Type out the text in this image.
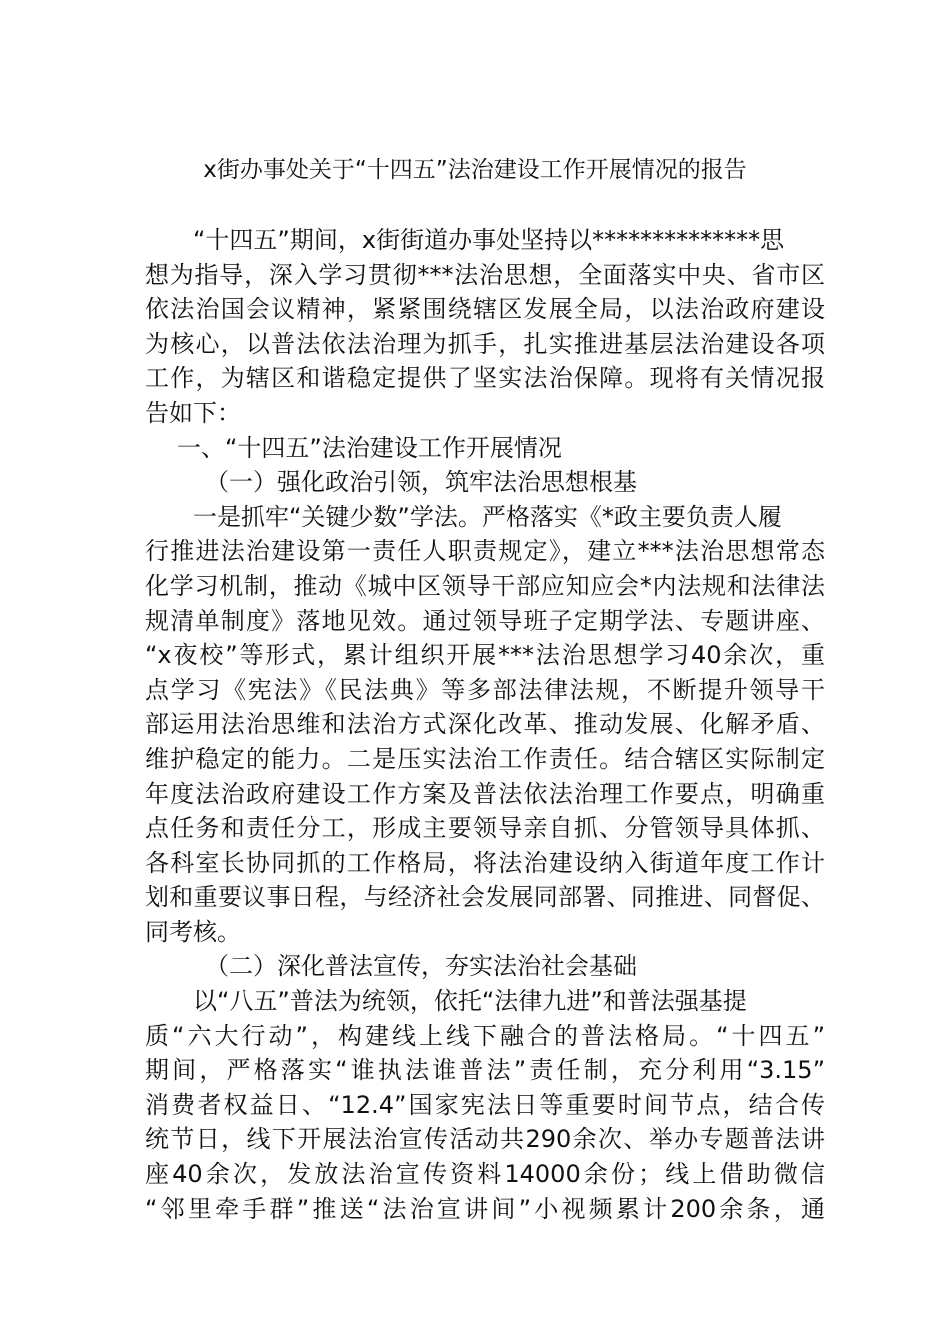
x街办事处关于“十四五”法治建设工作开展情况的报告
“十四五”期间，x街街道办事处坚持以**************思
想为指导，深入学习贯彻***法治思想，全面落实中央、省市区
依法治国会议精神，紧紧围绕辖区发展全局，以法治政府建设
为核心，以普法依法治理为抓手，扎实推进基层法治建设各项
工作，为辖区和谐稳定提供了坚实法治保障。现将有关情况报
告如下：
一、“十四五”法治建设工作开展情况
（一）强化政治引领，筑牢法治思想根基
一是抓牢“关键少数”学法。严格落实《*政主要负责人履
行推进法治建设第一责任人职责规定》，建立***法治思想常态
化学习机制，推动《城中区领导干部应知应会*内法规和法律法
规清单制度》落地见效。通过领导班子定期学法、专题讲座、
“x夜校”等形式，累计组织开展***法治思想学习40余次，重
点学习《宪法》《民法典》等多部法律法规，不断提升领导干
部运用法治思维和法治方式深化改革、推动发展、化解矛盾、
维护稳定的能力。二是压实法治工作责任。结合辖区实际制定
年度法治政府建设工作方案及普法依法治理工作要点，明确重
点任务和责任分工，形成主要领导亲自抓、分管领导具体抓、
各科室长协同抓的工作格局，将法治建设纳入街道年度工作计
划和重要议事日程，与经济社会发展同部署、同推进、同督促、
同考核。
（二）深化普法宣传，夯实法治社会基础
以“八五”普法为统领，依托“法律九进”和普法强基提
质“六大行动”，构建线上线下融合的普法格局。“十四五”
期间，严格落实“谁执法谁普法”责任制，充分利用“3.15”
消费者权益日、“12.4”国家宪法日等重要时间节点，结合传
统节日，线下开展法治宣传活动共290余次、举办专题普法讲
座40余次，发放法治宣传资料14000余份；线上借助微信
“邻里牵手群”推送“法治宣讲间”小视频累计200余条，通
